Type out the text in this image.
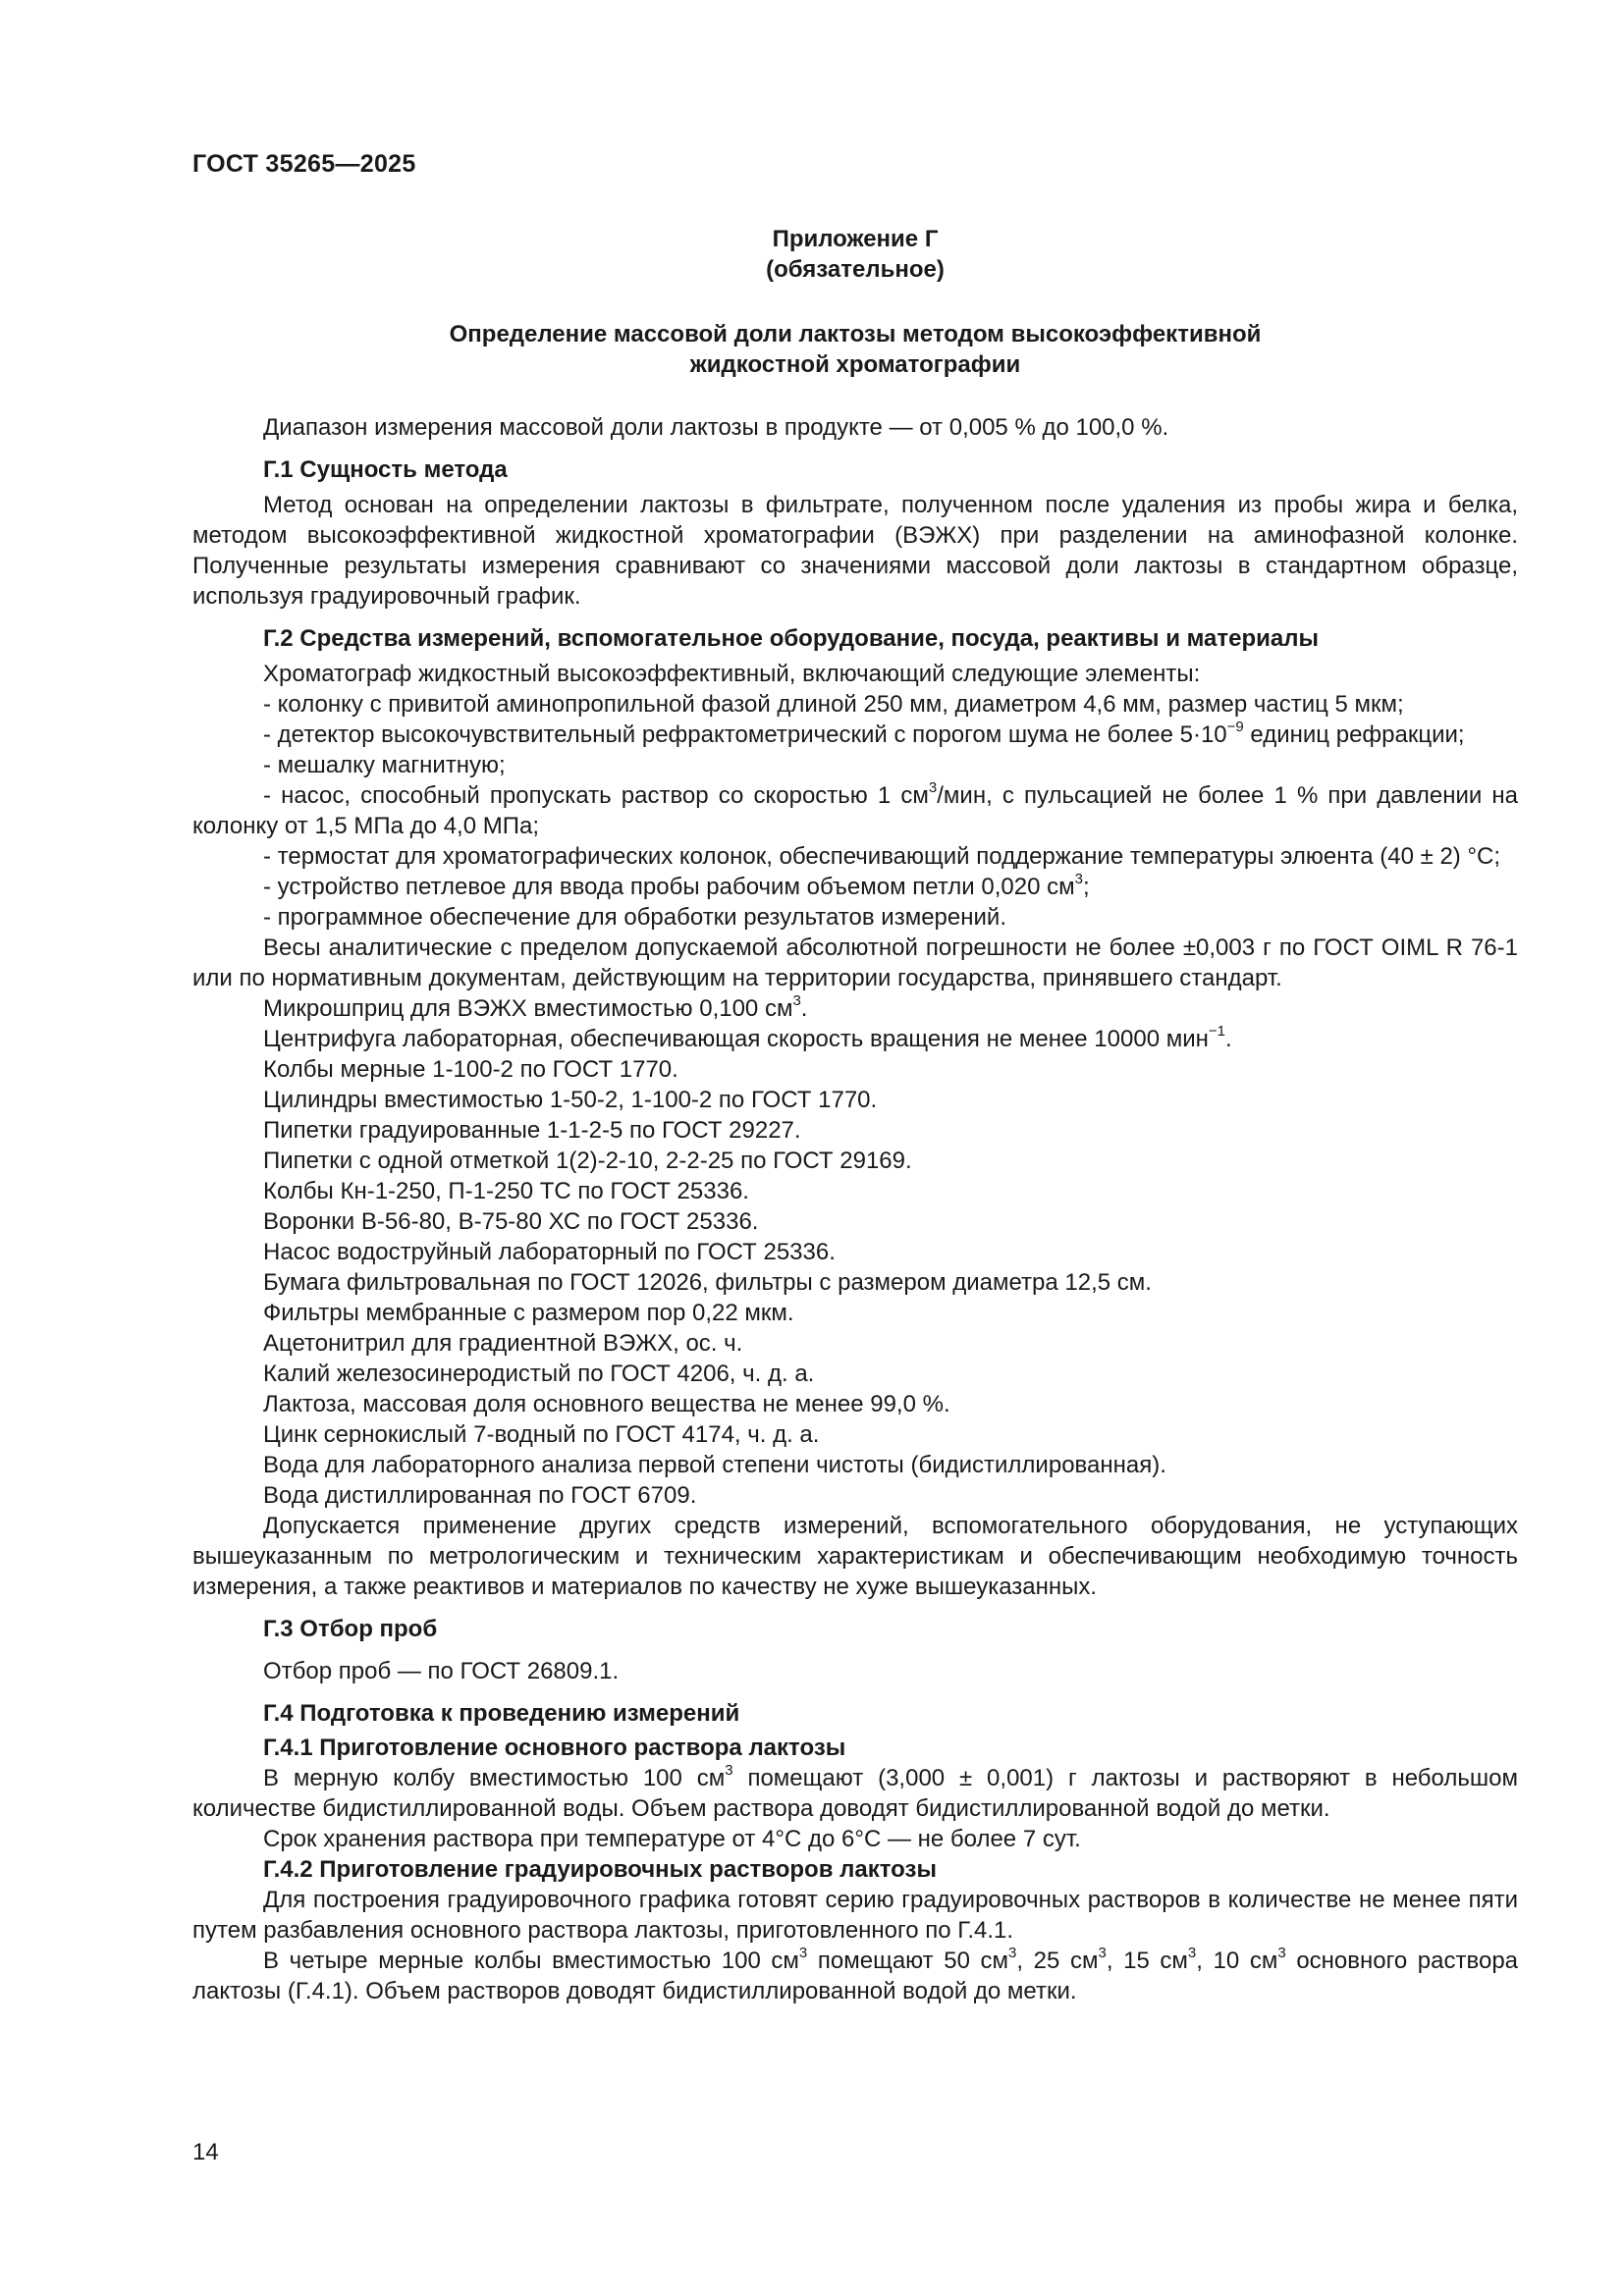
ГОСТ 35265—2025
Приложение Г
(обязательное)
Определение массовой доли лактозы методом высокоэффективной
жидкостной хроматографии

Диапазон измерения массовой доли лактозы в продукте — от 0,005 % до 100,0 %.

Г.1 Сущность метода

Метод основан на определении лактозы в фильтрате, полученном после удаления из пробы жира и белка, методом высокоэффективной жидкостной хроматографии (ВЭЖХ) при разделении на аминофазной колонке. Полученные результаты измерения сравнивают со значениями массовой доли лактозы в стандартном образце, используя градуировочный график.

Г.2 Средства измерений, вспомогательное оборудование, посуда, реактивы и материалы

Хроматограф жидкостный высокоэффективный, включающий следующие элементы:

- колонку с привитой аминопропильной фазой длиной 250 мм, диаметром 4,6 мм, размер частиц 5 мкм;

- детектор высокочувствительный рефрактометрический с порогом шума не более $5\cdot 10^{-9}$ единиц рефракции;

- мешалку магнитную;

- насос, способный пропускать раствор со скоростью 1 $см^3$/мин, с пульсацией не более 1 % при давлении на колонку от 1,5 МПа до 4,0 МПа;

- термостат для хроматографических колонок, обеспечивающий поддержание температуры элюента (40 ± 2) °С;

- устройство петлевое для ввода пробы рабочим объемом петли 0,020 $см^3$;

- программное обеспечение для обработки результатов измерений.

Весы аналитические с пределом допускаемой абсолютной погрешности не более ±0,003 г по ГОСТ OIML R 76-1 или по нормативным документам, действующим на территории государства, принявшего стандарт.

Микрошприц для ВЭЖХ вместимостью 0,100 $см^3$.

Центрифуга лабораторная, обеспечивающая скорость вращения не менее 10000 мин$^{-1}$.

Колбы мерные 1-100-2 по ГОСТ 1770.

Цилиндры вместимостью 1-50-2, 1-100-2 по ГОСТ 1770.

Пипетки градуированные 1-1-2-5 по ГОСТ 29227.

Пипетки с одной отметкой 1(2)-2-10, 2-2-25 по ГОСТ 29169.

Колбы Кн-1-250, П-1-250 ТС по ГОСТ 25336.

Воронки В-56-80, В-75-80 ХС по ГОСТ 25336.

Насос водоструйный лабораторный по ГОСТ 25336.

Бумага фильтровальная по ГОСТ 12026, фильтры с размером диаметра 12,5 см.

Фильтры мембранные с размером пор 0,22 мкм.

Ацетонитрил для градиентной ВЭЖХ, ос. ч.

Калий железосинеродистый по ГОСТ 4206, ч. д. а.

Лактоза, массовая доля основного вещества не менее 99,0 %.

Цинк сернокислый 7-водный по ГОСТ 4174, ч. д. а.

Вода для лабораторного анализа первой степени чистоты (бидистиллированная).

Вода дистиллированная по ГОСТ 6709.

Допускается применение других средств измерений, вспомогательного оборудования, не уступающих вышеуказанным по метрологическим и техническим характеристикам и обеспечивающим необходимую точность измерения, а также реактивов и материалов по качеству не хуже вышеуказанных.

Г.3 Отбор проб

Отбор проб — по ГОСТ 26809.1.

Г.4 Подготовка к проведению измерений

Г.4.1 Приготовление основного раствора лактозы

В мерную колбу вместимостью 100 $см^3$ помещают (3,000 ± 0,001) г лактозы и растворяют в небольшом количестве бидистиллированной воды. Объем раствора доводят бидистиллированной водой до метки.

Срок хранения раствора при температуре от 4°С до 6°С — не более 7 сут.

Г.4.2 Приготовление градуировочных растворов лактозы

Для построения градуировочного графика готовят серию градуировочных растворов в количестве не менее пяти путем разбавления основного раствора лактозы, приготовленного по Г.4.1.

В четыре мерные колбы вместимостью 100 $см^3$ помещают 50 $см^3$, 25 $см^3$, 15 $см^3$, 10 $см^3$ основного раствора лактозы (Г.4.1). Объем растворов доводят бидистиллированной водой до метки.

14
